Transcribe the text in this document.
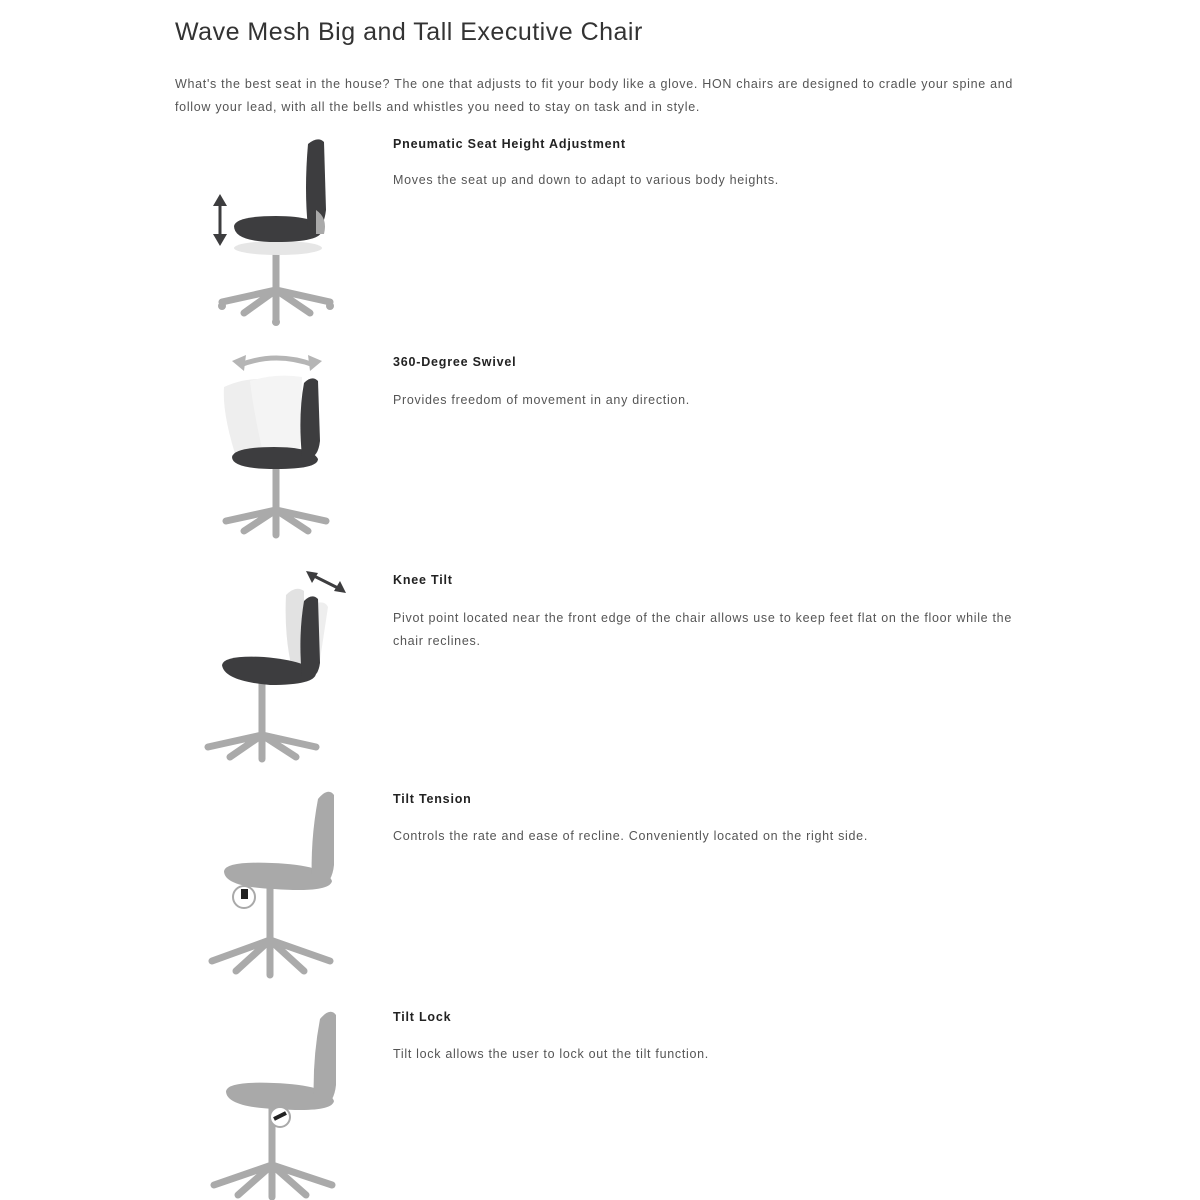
Wave Mesh Big and Tall Executive Chair

What's the best seat in the house? The one that adjusts to fit your body like a glove. HON chairs are designed to cradle your spine and follow your lead, with all the bells and whistles you need to stay on task and in style.

Pneumatic Seat Height Adjustment

Moves the seat up and down to adapt to various body heights.

360-Degree Swivel

Provides freedom of movement in any direction.

Knee Tilt

Pivot point located near the front edge of the chair allows use to keep feet flat on the floor while the chair reclines.

Tilt Tension

Controls the rate and ease of recline. Conveniently located on the right side.

Tilt Lock

Tilt lock allows the user to lock out the tilt function.
